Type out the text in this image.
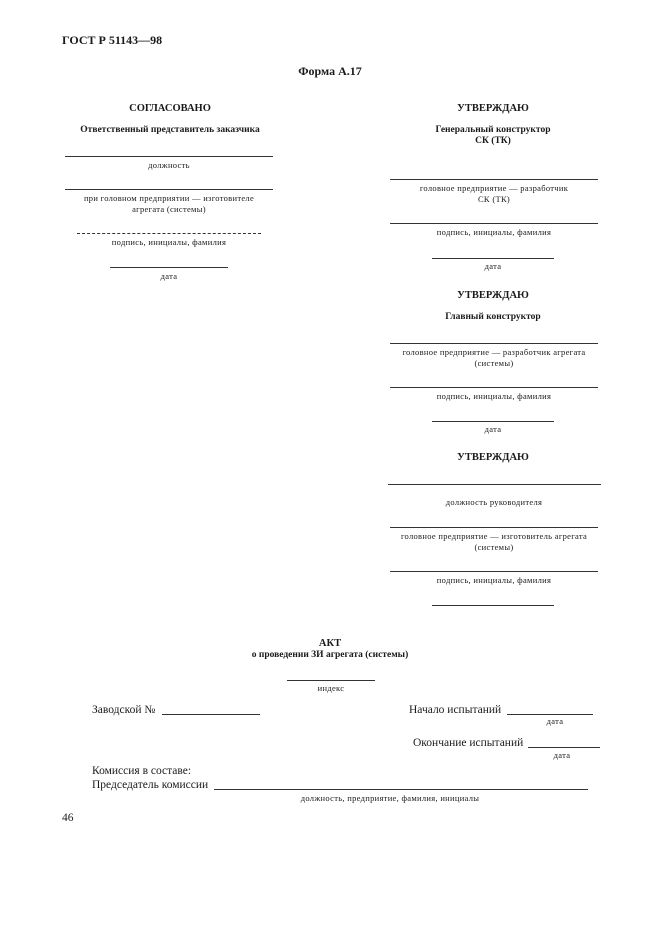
ГОСТ Р 51143—98
Форма А.17
СОГЛАСОВАНО
Ответственный представитель заказчика
должность
при головном предприятии — изготовителе
агрегата (системы)
подпись, инициалы, фамилия
дата
УТВЕРЖДАЮ
Генеральный конструктор
СК (ТК)
головное предприятие — разработчик
СК (ТК)
подпись, инициалы, фамилия
дата
УТВЕРЖДАЮ
Главный конструктор
головное предприятие — разработчик агрегата
(системы)
подпись, инициалы, фамилия
дата
УТВЕРЖДАЮ
должность руководителя
головное предприятие — изготовитель агрегата
(системы)
подпись, инициалы, фамилия
АКТ
о проведении ЗИ агрегата (системы)
индекс
Заводской №	Начало испытаний
дата
Окончание испытаний
дата
Комиссия в составе:
Председатель комиссии
должность, предприятие, фамилия, инициалы
46
